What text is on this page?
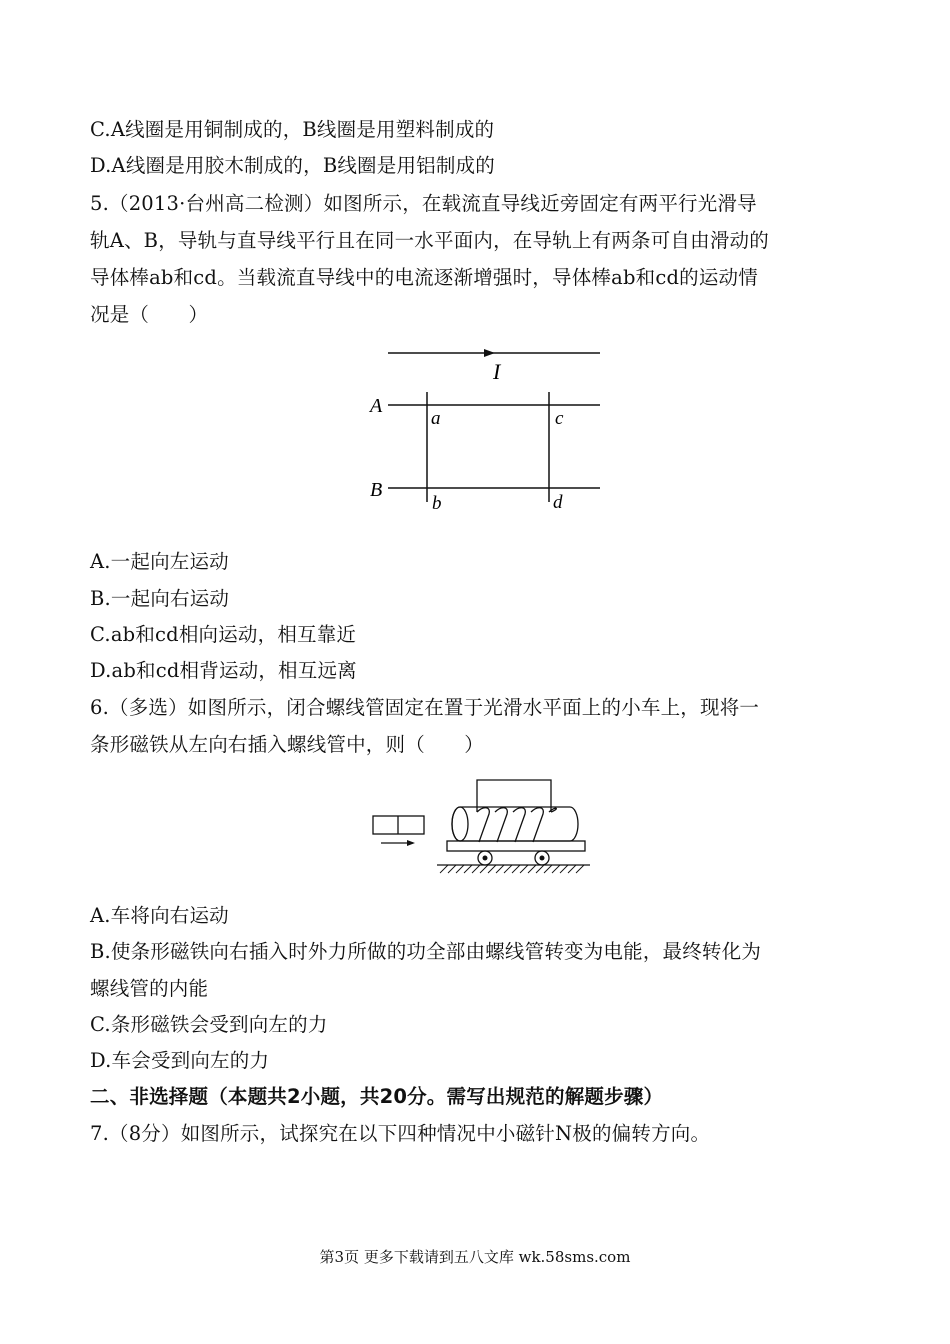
C.A线圈是用铜制成的，B线圈是用塑料制成的
D.A线圈是用胶木制成的，B线圈是用铝制成的
5.（2013·台州高二检测）如图所示，在载流直导线近旁固定有两平行光滑导
轨A、B，导轨与直导线平行且在同一水平面内，在导轨上有两条可自由滑动的
导体棒ab和cd。当载流直导线中的电流逐渐增强时，导体棒ab和cd的运动情
况是（　　）
I
A
B
a	c
b	d
A.一起向左运动
B.一起向右运动
C.ab和cd相向运动，相互靠近
D.ab和cd相背运动，相互远离
6.（多选）如图所示，闭合螺线管固定在置于光滑水平面上的小车上，现将一
条形磁铁从左向右插入螺线管中，则（　　）
A.车将向右运动
B.使条形磁铁向右插入时外力所做的功全部由螺线管转变为电能，最终转化为
螺线管的内能
C.条形磁铁会受到向左的力
D.车会受到向左的力
二、非选择题（本题共2小题，共20分。需写出规范的解题步骤）
7.（8分）如图所示，试探究在以下四种情况中小磁针N极的偏转方向。
第3页 更多下载请到五八文库 wk.58sms.com
